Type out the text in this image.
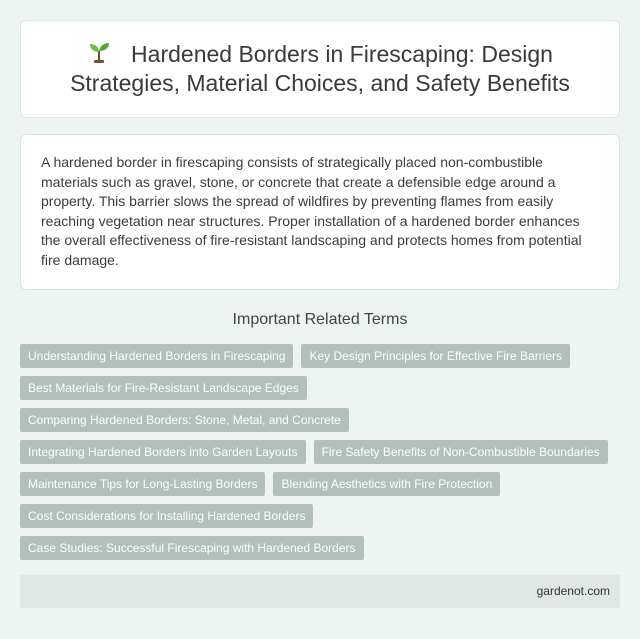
Hardened Borders in Firescaping: Design Strategies, Material Choices, and Safety Benefits

A hardened border in firescaping consists of strategically placed non-combustible materials such as gravel, stone, or concrete that create a defensible edge around a property. This barrier slows the spread of wildfires by preventing flames from easily reaching vegetation near structures. Proper installation of a hardened border enhances the overall effectiveness of fire-resistant landscaping and protects homes from potential fire damage.

Important Related Terms
Understanding Hardened Borders in Firescaping	Key Design Principles for Effective Fire Barriers
Best Materials for Fire-Resistant Landscape Edges
Comparing Hardened Borders: Stone, Metal, and Concrete
Integrating Hardened Borders into Garden Layouts	Fire Safety Benefits of Non-Combustible Boundaries
Maintenance Tips for Long-Lasting Borders	Blending Aesthetics with Fire Protection
Cost Considerations for Installing Hardened Borders
Case Studies: Successful Firescaping with Hardened Borders
gardenot.com
